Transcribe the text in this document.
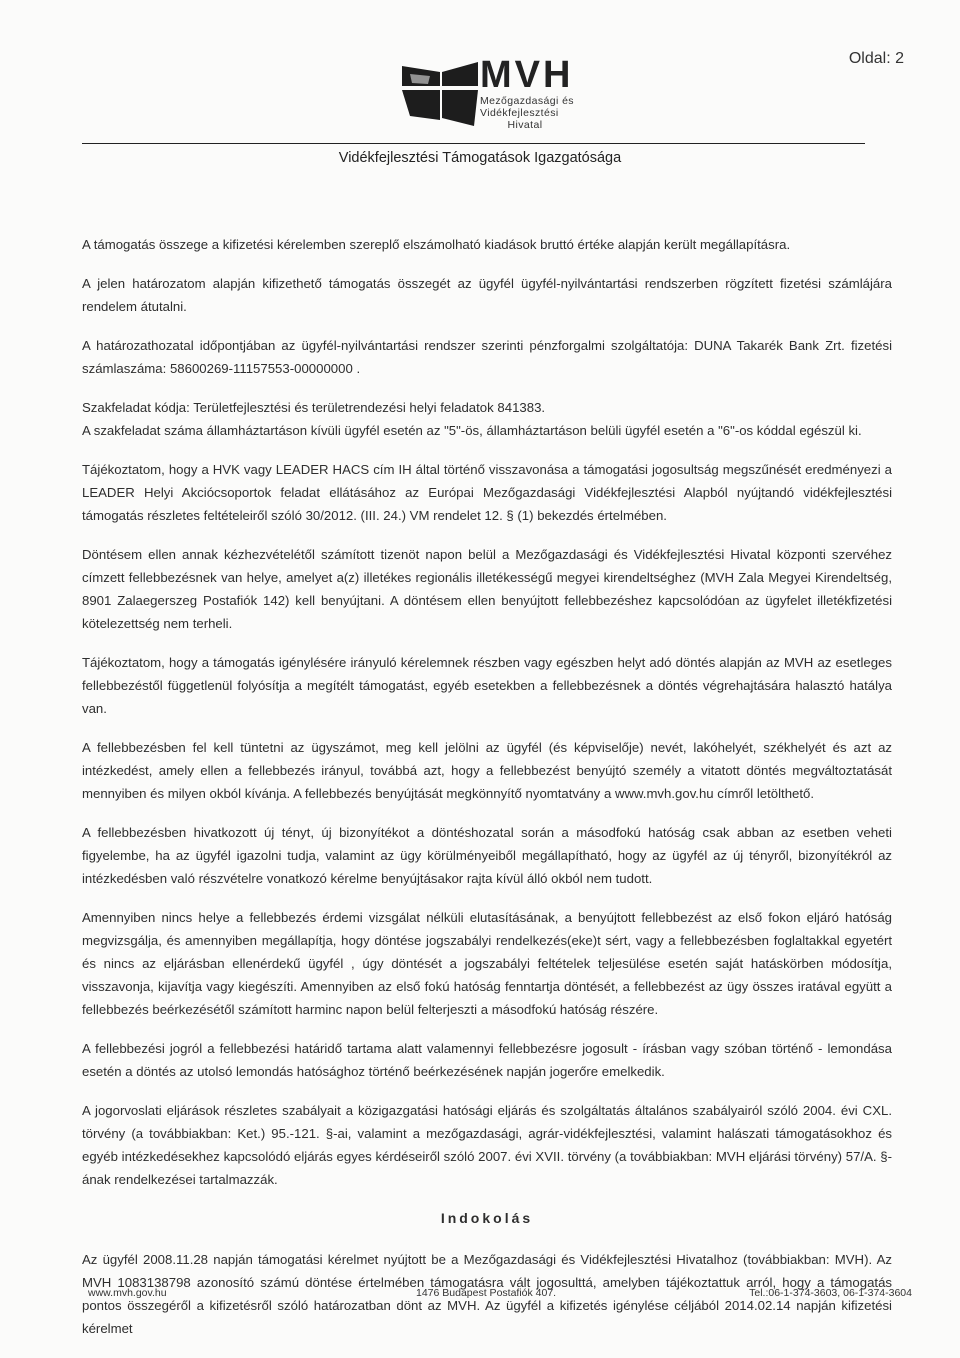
Oldal: 2
MVH
Mezőgazdasági és
Vidékfejlesztési
Hivatal
Vidékfejlesztési Támogatások Igazgatósága

A támogatás összege a kifizetési kérelemben szereplő elszámolható kiadások bruttó értéke alapján került megállapításra.

A jelen határozatom alapján kifizethető támogatás összegét az ügyfél ügyfél-nyilvántartási rendszerben rögzített fizetési számlájára rendelem átutalni.

A határozathozatal időpontjában az ügyfél-nyilvántartási rendszer szerinti pénzforgalmi szolgáltatója: DUNA Takarék Bank Zrt. fizetési számlaszáma: 58600269-11157553-00000000 .

Szakfeladat kódja: Területfejlesztési és területrendezési helyi feladatok 841383.

A szakfeladat száma államháztartáson kívüli ügyfél esetén az "5"-ös, államháztartáson belüli ügyfél esetén a "6"-os kóddal egészül ki.

Tájékoztatom, hogy a HVK vagy LEADER HACS cím IH által történő visszavonása a támogatási jogosultság megszűnését eredményezi a LEADER Helyi Akciócsoportok feladat ellátásához az Európai Mezőgazdasági Vidékfejlesztési Alapból nyújtandó vidékfejlesztési támogatás részletes feltételeiről szóló 30/2012. (III. 24.) VM rendelet 12. § (1) bekezdés értelmében.

Döntésem ellen annak kézhezvételétől számított tizenöt napon belül a Mezőgazdasági és Vidékfejlesztési Hivatal központi szervéhez címzett fellebbezésnek van helye, amelyet a(z) illetékes regionális illetékességű megyei kirendeltséghez (MVH Zala Megyei Kirendeltség, 8901 Zalaegerszeg Postafiók 142) kell benyújtani. A döntésem ellen benyújtott fellebbezéshez kapcsolódóan az ügyfelet illetékfizetési kötelezettség nem terheli.

Tájékoztatom, hogy a támogatás igénylésére irányuló kérelemnek részben vagy egészben helyt adó döntés alapján az MVH az esetleges fellebbezéstől függetlenül folyósítja a megítélt támogatást, egyéb esetekben a fellebbezésnek a döntés végrehajtására halasztó hatálya van.

A fellebbezésben fel kell tüntetni az ügyszámot, meg kell jelölni az ügyfél (és képviselője) nevét, lakóhelyét, székhelyét és azt az intézkedést, amely ellen a fellebbezés irányul, továbbá azt, hogy a fellebbezést benyújtó személy a vitatott döntés megváltoztatását mennyiben és milyen okból kívánja. A fellebbezés benyújtását megkönnyítő nyomtatvány a www.mvh.gov.hu címről letölthető.

A fellebbezésben hivatkozott új tényt, új bizonyítékot a döntéshozatal során a másodfokú hatóság csak abban az esetben veheti figyelembe, ha az ügyfél igazolni tudja, valamint az ügy körülményeiből megállapítható, hogy az ügyfél az új tényről, bizonyítékról az intézkedésben való részvételre vonatkozó kérelme benyújtásakor rajta kívül álló okból nem tudott.

Amennyiben nincs helye a fellebbezés érdemi vizsgálat nélküli elutasításának, a benyújtott fellebbezést az első fokon eljáró hatóság megvizsgálja, és amennyiben megállapítja, hogy döntése jogszabályi rendelkezés(eke)t sért, vagy a fellebbezésben foglaltakkal egyetért és nincs az eljárásban ellenérdekű ügyfél , úgy döntését a jogszabályi feltételek teljesülése esetén saját hatáskörben módosítja, visszavonja, kijavítja vagy kiegészíti. Amennyiben az első fokú hatóság fenntartja döntését, a fellebbezést az ügy összes iratával együtt a fellebbezés beérkezésétől számított harminc napon belül felterjeszti a másodfokú hatóság részére.

A fellebbezési jogról a fellebbezési határidő tartama alatt valamennyi fellebbezésre jogosult - írásban vagy szóban történő - lemondása esetén a döntés az utolsó lemondás hatósághoz történő beérkezésének napján jogerőre emelkedik.

A jogorvoslati eljárások részletes szabályait a közigazgatási hatósági eljárás és szolgáltatás általános szabályairól szóló 2004. évi CXL. törvény (a továbbiakban: Ket.) 95.-121. §-ai, valamint a mezőgazdasági, agrár-vidékfejlesztési, valamint halászati támogatásokhoz és egyéb intézkedésekhez kapcsolódó eljárás egyes kérdéseiről szóló 2007. évi XVII. törvény (a továbbiakban: MVH eljárási törvény) 57/A. §-ának rendelkezései tartalmazzák.

Indokolás

Az ügyfél 2008.11.28 napján támogatási kérelmet nyújtott be a Mezőgazdasági és Vidékfejlesztési Hivatalhoz (továbbiakban: MVH). Az MVH 1083138798 azonosító számú döntése értelmében támogatásra vált jogosulttá, amelyben tájékoztattuk arról, hogy a támogatás pontos összegéről a kifizetésről szóló határozatban dönt az MVH. Az ügyfél a kifizetés igénylése céljából 2014.02.14 napján kifizetési kérelmet

www.mvh.gov.hu	1476 Budapest Postafiók 407.	Tel.:06-1-374-3603, 06-1-374-3604
